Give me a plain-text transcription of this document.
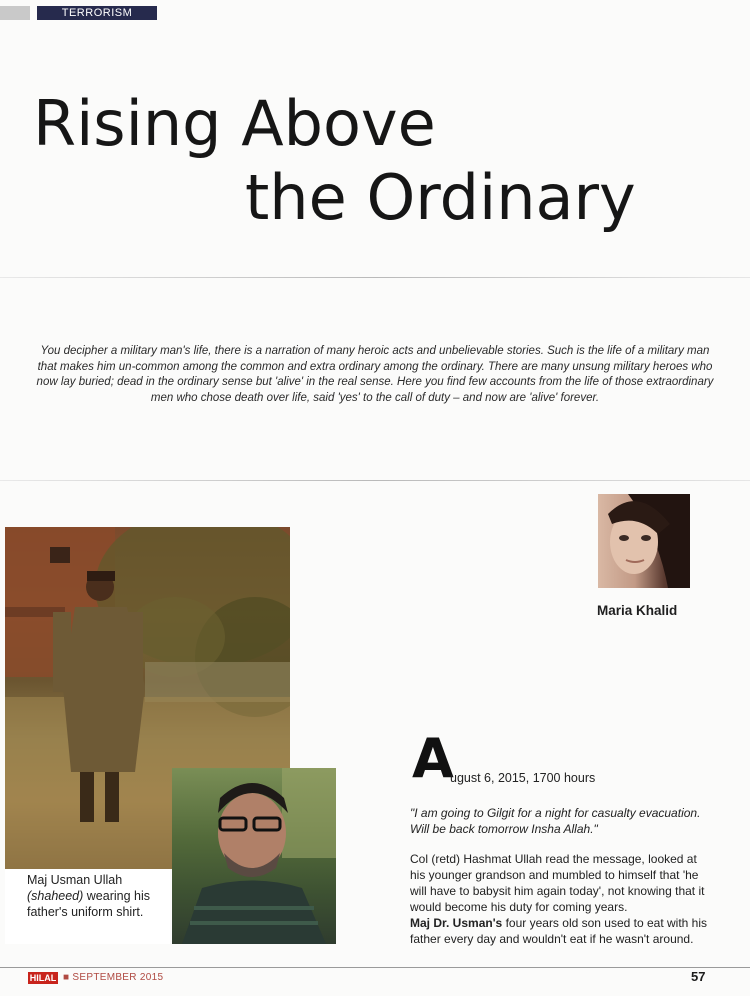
TERRORISM
Rising Above
the Ordinary

You decipher a military man's life, there is a narration of many heroic acts and unbelievable stories. Such is the life of a military man that makes him un-common among the common and extra ordinary among the ordinary. There are many unsung military heroes who now lay buried; dead in the ordinary sense but 'alive' in the real sense. Here you find few accounts from the life of those extraordinary men who chose death over life, said 'yes' to the call of duty – and now are 'alive' forever.

Maria Khalid

Maj Usman Ullah
(shaheed) wearing his father's uniform shirt.

A
ugust 6, 2015, 1700 hours

"I am going to Gilgit for a night for casualty evacuation. Will be back tomorrow Insha Allah."

Col (retd) Hashmat Ullah read the message, looked at his younger grandson and mumbled to himself that 'he will have to babysit him again today', not knowing that it would become his duty for coming years.

Maj Dr. Usman's four years old son used to eat with his father every day and wouldn't eat if he wasn't around.

HILAL ■ SEPTEMBER 2015	57
